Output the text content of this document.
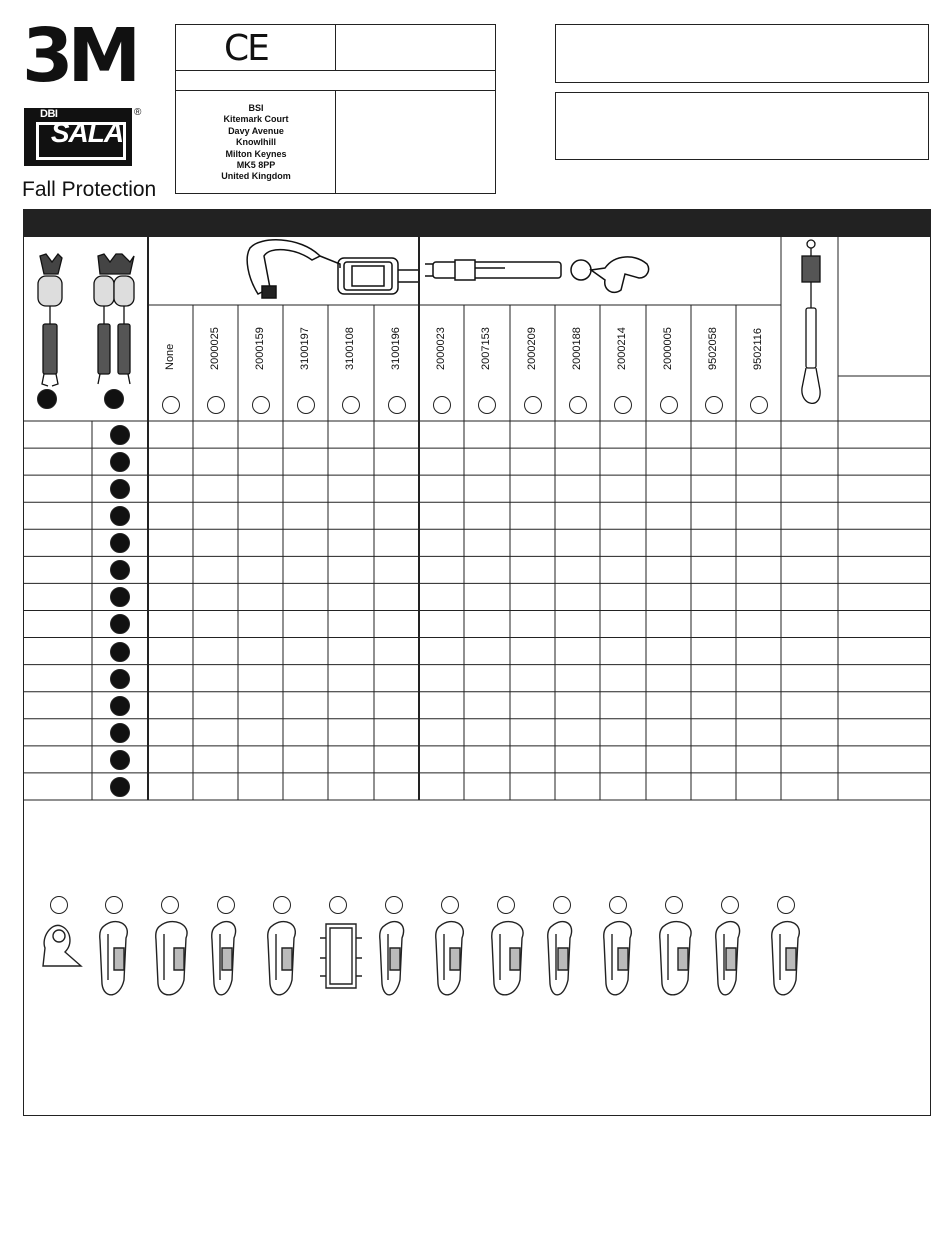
3M
DBI
SALA
®
Fall Protection
CE
BSI
Kitemark Court
Davy Avenue
Knowlhill
Milton Keynes
MK5 8PP
United Kingdom
None	2000025	2000159	3100197	3100108	3100196	2000023	2007153	2000209	2000188	2000214	2000005	9502058	9502116
